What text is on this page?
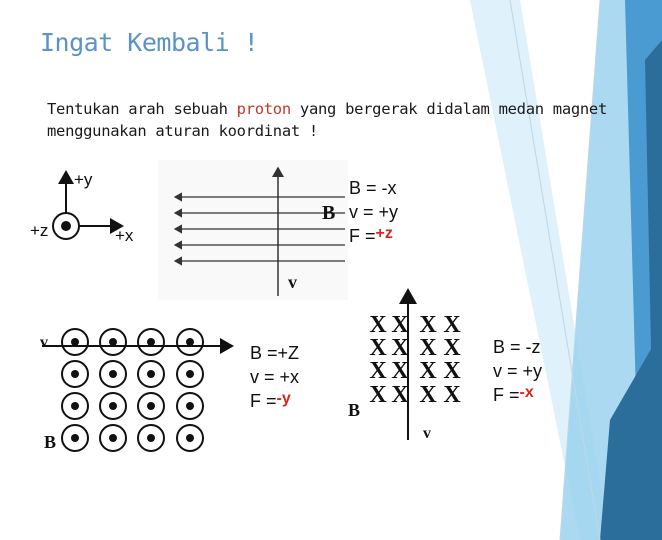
Ingat Kembali !
Tentukan arah sebuah proton yang bergerak didalam medan magnet menggunakan aturan koordinat !
+y
+z	+x
B
v
B = -x
v = +y
F =+z
v
B
B =+Z
v = +x
F =-y
X X X X
X X X X
X X X X
X X X X
B
v
B = -z
v = +y
F =-x
